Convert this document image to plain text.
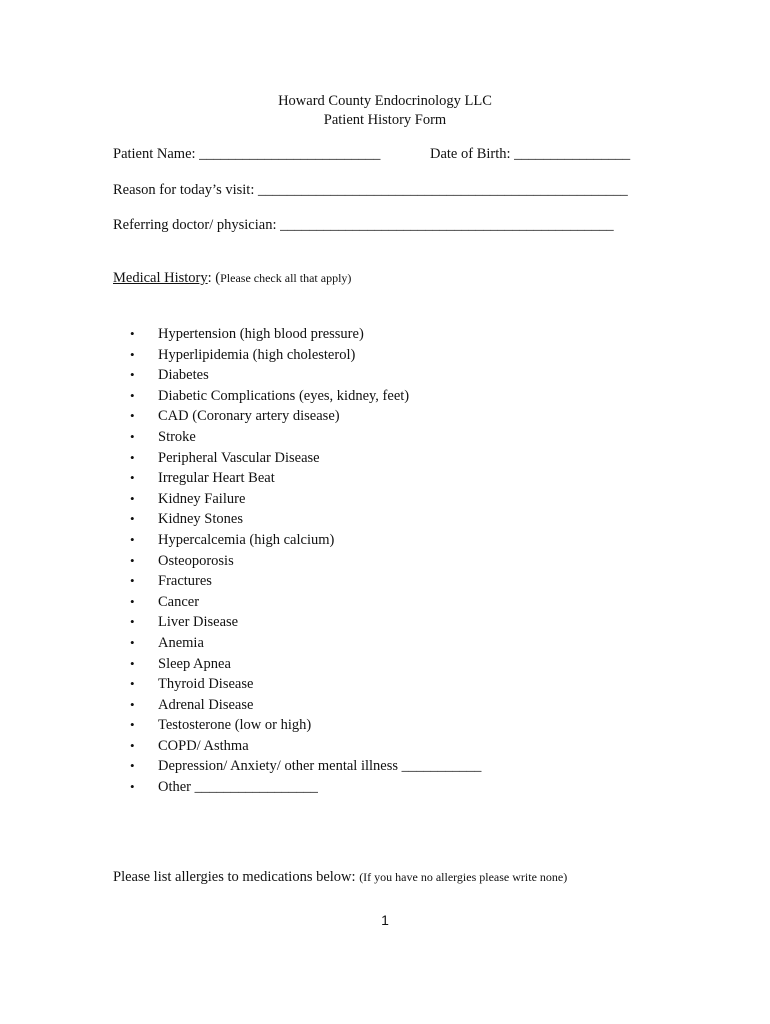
Howard County Endocrinology LLC
Patient History Form
Patient Name: _________________________	Date of Birth: ________________
Reason for today’s visit: ___________________________________________________
Referring doctor/ physician: ______________________________________________
Medical History: (Please check all that apply)
• Hypertension (high blood pressure)
• Hyperlipidemia (high cholesterol)
• Diabetes
• Diabetic Complications (eyes, kidney, feet)
• CAD (Coronary artery disease)
• Stroke
• Peripheral Vascular Disease
• Irregular Heart Beat
• Kidney Failure
• Kidney Stones
• Hypercalcemia (high calcium)
• Osteoporosis
• Fractures
• Cancer
• Liver Disease
• Anemia
• Sleep Apnea
• Thyroid Disease
• Adrenal Disease
• Testosterone (low or high)
• COPD/ Asthma
• Depression/ Anxiety/ other mental illness ___________
• Other _________________
Please list allergies to medications below: (If you have no allergies please write none)
1
